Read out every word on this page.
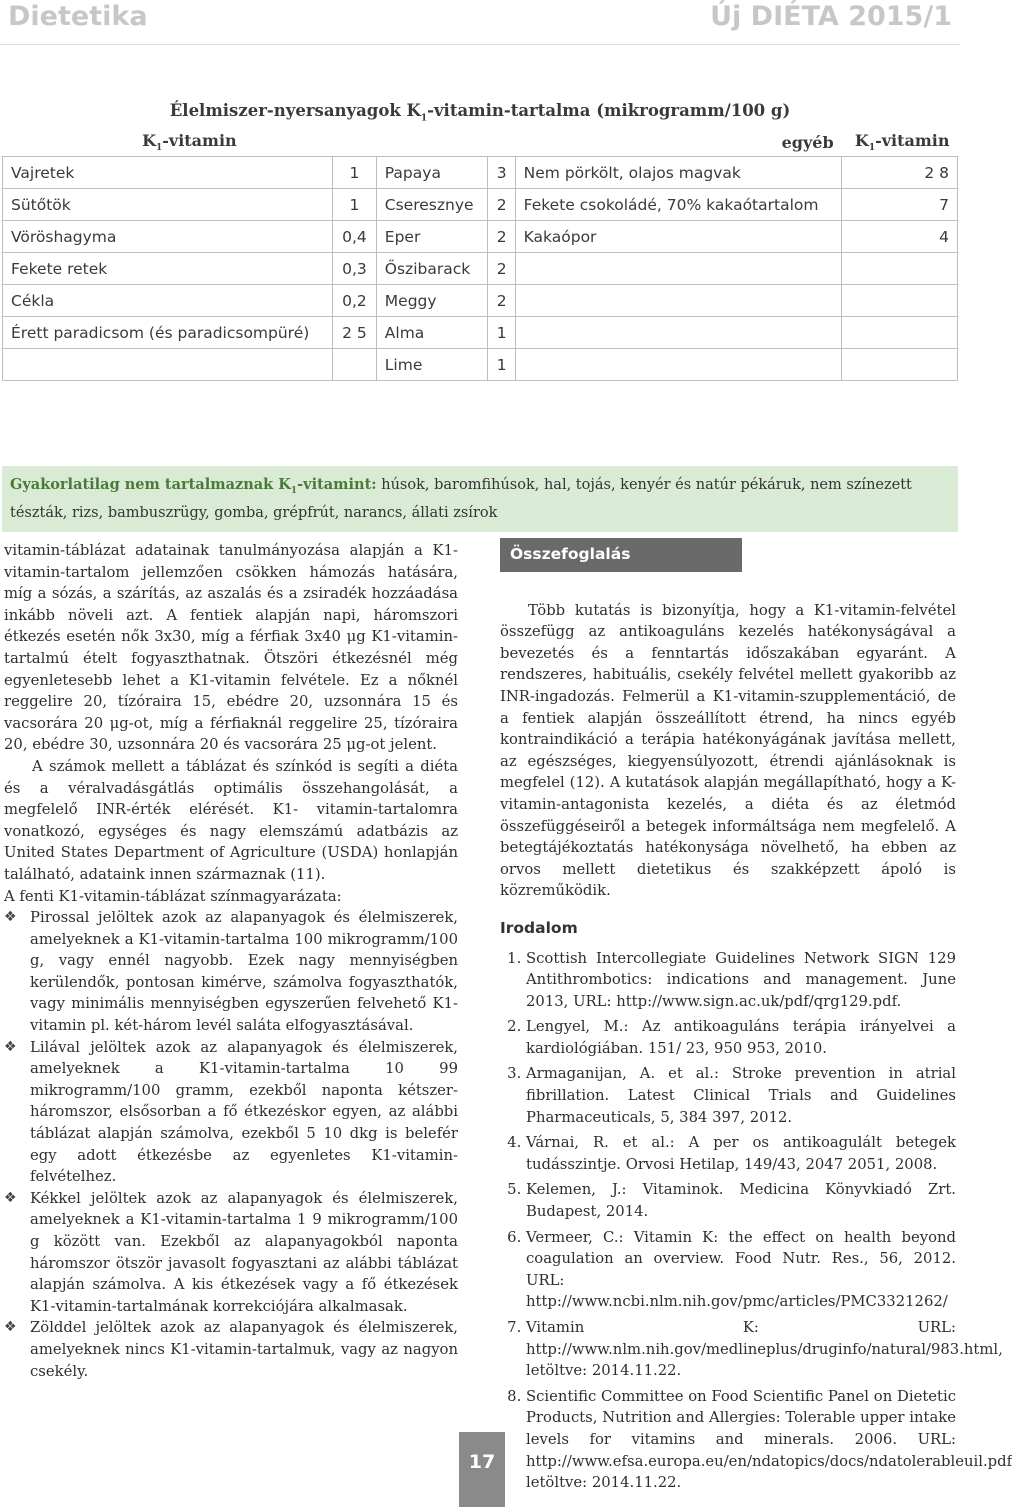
Dietetika	Új DIÉTA 2015/1
Élelmiszer-nyersanyagok $K_1-vitamin$-tartalma (mikrogramm/100 g)					
$K_1$-vitamin				egyéb	$K_1$-vitamin
Vajretek	1	Papaya	3	Nem pörkölt, olajos magvak	2 8
Sütőtök	1	Cseresznye	2	Fekete csokoládé, 70% kakaótartalom	7
Vöröshagyma	0,4	Eper	2	Kakaópor	4
Fekete retek	0,3	Őszibarack	2		
Cékla	0,2	Meggy	2		
Érett paradicsom (és paradicsompüré)	2 5	Alma	1		
		Lime	1		
Gyakorlatilag nem tartalmaznak $K_1$-vitamint: húsok, baromfihúsok, hal, tojás, kenyér és natúr pékáruk, nem színezett tészták, rizs, bambuszrügy, gomba, grépfrút, narancs, állati zsírok

vitamin-táblázat adatainak tanulmányozása alapján a K1-vitamin-tartalom jellemzően csökken hámozás hatására, míg a sózás, a szárítás, az aszalás és a zsiradék hozzáadása inkább növeli azt. A fentiek alapján napi, háromszori étkezés esetén nők 3x30, míg a férfiak 3x40 μg K1-vitamin-tartalmú ételt fogyaszthatnak. Ötszöri étkezésnél még egyenletesebb lehet a K1-vitamin felvétele. Ez a nőknél reggelire 20, tízóraira 15, ebédre 20, uzsonnára 15 és vacsorára 20 μg-ot, míg a férfiaknál reggelire 25, tízóraira 20, ebédre 30, uzsonnára 20 és vacsorára 25 μg-ot jelent.

A számok mellett a táblázat és színkód is segíti a diéta és a véralvadásgátlás optimális összehangolását, a megfelelő INR-érték elérését. K1- vitamin-tartalomra vonatkozó, egységes és nagy elemszámú adatbázis az United States Department of Agriculture (USDA) honlapján található, adataink innen származnak (11).

A fenti K1-vitamin-táblázat színmagyarázata:

❖ Pirossal jelöltek azok az alapanyagok és élelmiszerek, amelyeknek a K1-vitamin-tartalma 100 mikrogramm/100 g, vagy ennél nagyobb. Ezek nagy mennyiségben kerülendők, pontosan kimérve, számolva fogyaszthatók, vagy minimális mennyiségben egyszerűen felvehető K1-vitamin pl. két-három levél saláta elfogyasztásával.

❖ Lilával jelöltek azok az alapanyagok és élelmiszerek, amelyeknek a K1-vitamin-tartalma 10 99 mikrogramm/100 gramm, ezekből naponta kétszer-háromszor, elsősorban a fő étkezéskor egyen, az alábbi táblázat alapján számolva, ezekből 5 10 dkg is belefér egy adott étkezésbe az egyenletes K1-vitamin-felvételhez.

❖ Kékkel jelöltek azok az alapanyagok és élelmiszerek, amelyeknek a K1-vitamin-tartalma 1 9 mikrogramm/100 g között van. Ezekből az alapanyagokból naponta háromszor ötször javasolt fogyasztani az alábbi táblázat alapján számolva. A kis étkezések vagy a fő étkezések K1-vitamin-tartalmának korrekciójára alkalmasak.

❖ Zölddel jelöltek azok az alapanyagok és élelmiszerek, amelyeknek nincs K1-vitamin-tartalmuk, vagy az nagyon csekély.

Összefoglalás

Több kutatás is bizonyítja, hogy a K1-vitamin-felvétel összefügg az antikoaguláns kezelés hatékonyságával a bevezetés és a fenntartás időszakában egyaránt. A rendszeres, habituális, csekély felvétel mellett gyakoribb az INR-ingadozás. Felmerül a K1-vitamin-szupplementáció, de a fentiek alapján összeállított étrend, ha nincs egyéb kontraindikáció a terápia hatékonyágának javítása mellett, az egészséges, kiegyensúlyozott, étrendi ajánlásoknak is megfelel (12). A kutatások alapján megállapítható, hogy a K-vitamin-antagonista kezelés, a diéta és az életmód összefüggéseiről a betegek informáltsága nem megfelelő. A betegtájékoztatás hatékonysága növelhető, ha ebben az orvos mellett dietetikus és szakképzett ápoló is közreműködik.

Irodalom
1. Scottish Intercollegiate Guidelines Network SIGN 129 Antithrombotics: indications and management. June 2013, URL: http://www.sign.ac.uk/pdf/qrg129.pdf.
2. Lengyel, M.: Az antikoaguláns terápia irányelvei a kardiológiában. 151/ 23, 950 953, 2010.
3. Armaganijan, A. et al.: Stroke prevention in atrial fibrillation. Latest Clinical Trials and Guidelines Pharmaceuticals, 5, 384 397, 2012.
4. Várnai, R. et al.: A per os antikoagulált betegek tudásszintje. Orvosi Hetilap, 149/43, 2047 2051, 2008.
5. Kelemen, J.: Vitaminok. Medicina Könyvkiadó Zrt. Budapest, 2014.
6. Vermeer, C.: Vitamin K: the effect on health beyond coagulation an overview. Food Nutr. Res., 56, 2012. URL: http://www.ncbi.nlm.nih.gov/pmc/articles/PMC3321262/
7. Vitamin K: URL: http://www.nlm.nih.gov/medlineplus/druginfo/natural/983.html, letöltve: 2014.11.22.
8. Scientific Committee on Food Scientific Panel on Dietetic Products, Nutrition and Allergies: Tolerable upper intake levels for vitamins and minerals. 2006. URL: http://www.efsa.europa.eu/en/ndatopics/docs/ndatolerableuil.pdf letöltve: 2014.11.22.
17
